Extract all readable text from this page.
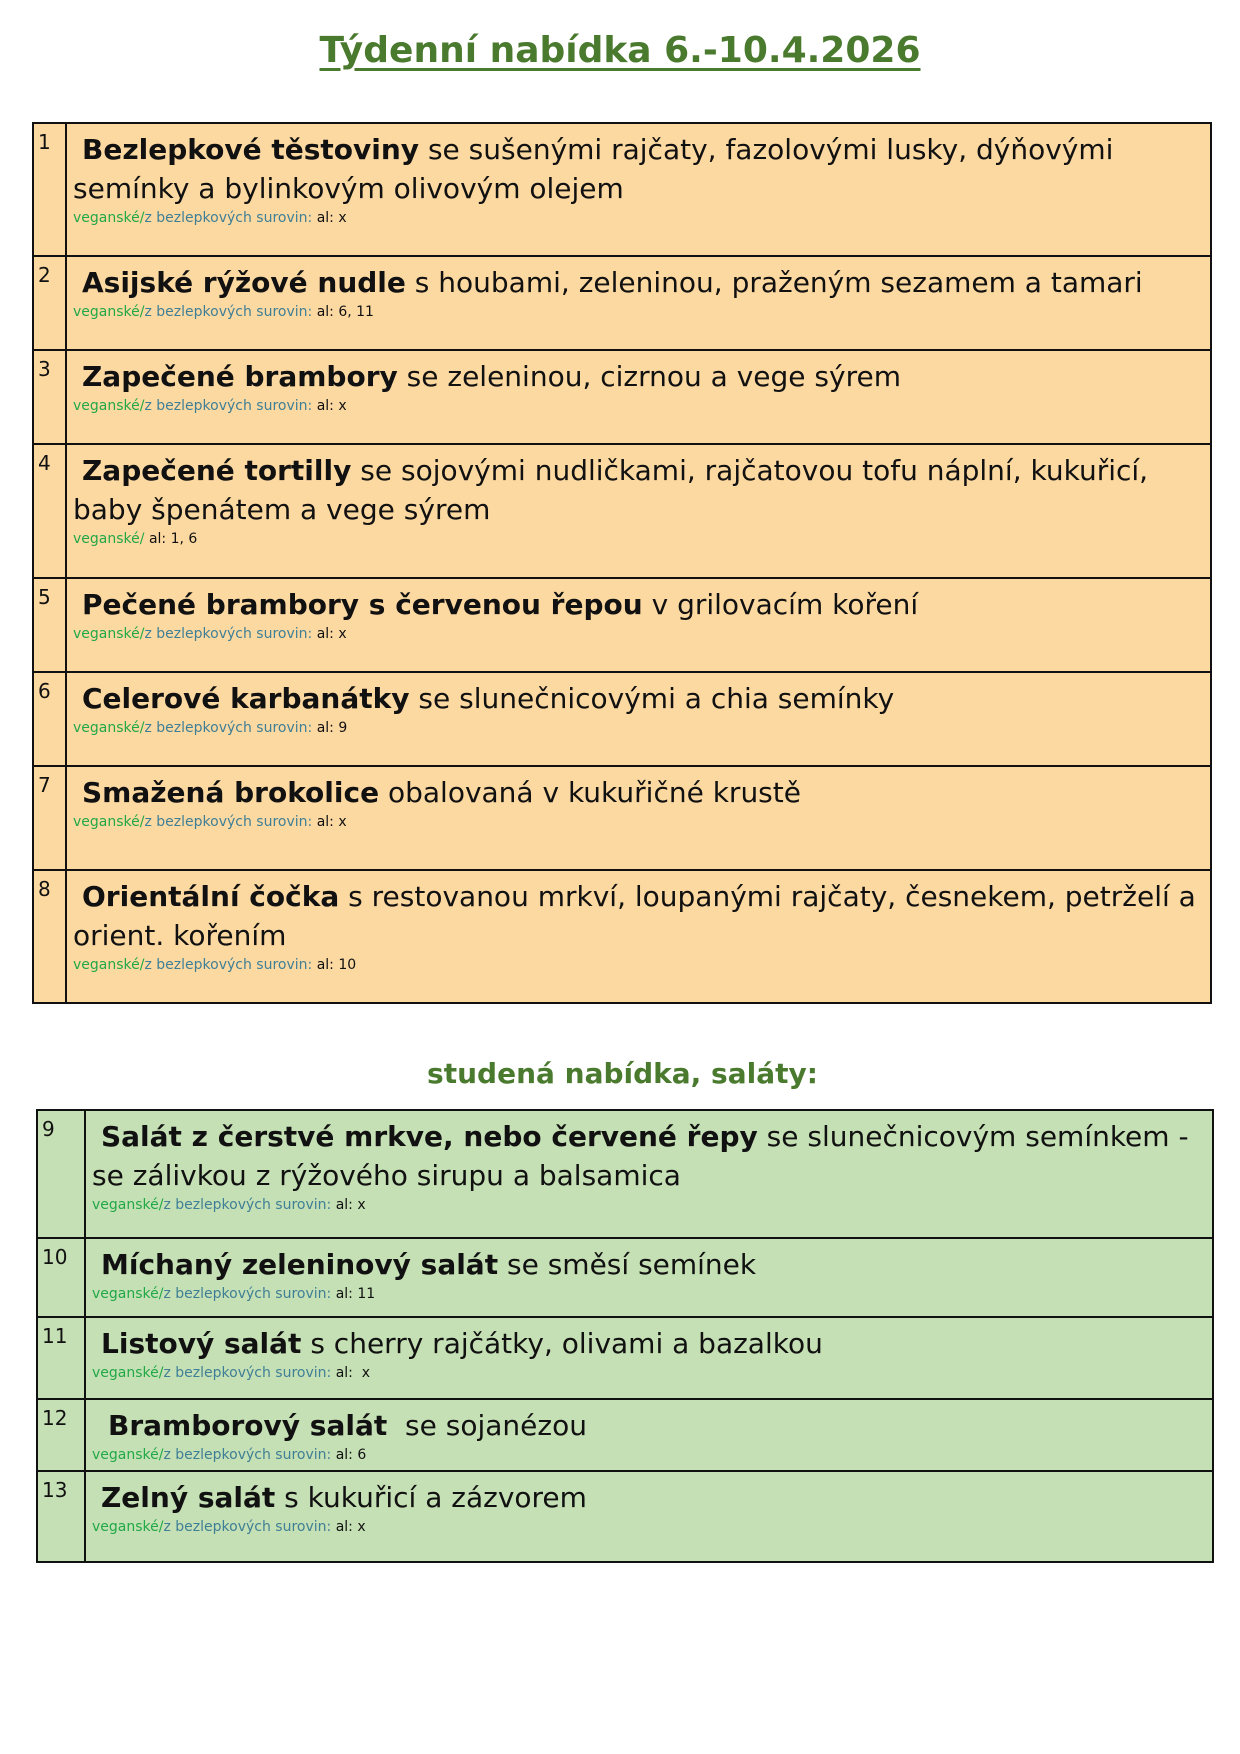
Týdenní nabídka 6.-10.4.2026
1	Bezlepkové těstoviny se sušenými rajčaty, fazolovými lusky, dýňovými semínky a bylinkovým olivovým olejem
veganské/z bezlepkových surovin: al: x

2	Asijské rýžové nudle s houbami, zeleninou, praženým sezamem a tamari
veganské/z bezlepkových surovin: al: 6, 11

3	Zapečené brambory se zeleninou, cizrnou a vege sýrem
veganské/z bezlepkových surovin: al: x

4	Zapečené tortilly se sojovými nudličkami, rajčatovou tofu náplní, kukuřicí, baby špenátem a vege sýrem
veganské/ al: 1, 6

5	Pečené brambory s červenou řepou v grilovacím koření
veganské/z bezlepkových surovin: al: x

6	Celerové karbanátky se slunečnicovými a chia semínky
veganské/z bezlepkových surovin: al: 9

7	Smažená brokolice obalovaná v kukuřičné krustě
veganské/z bezlepkových surovin: al: x

8	Orientální čočka s restovanou mrkví, loupanými rajčaty, česnekem, petrželí a orient. kořením
veganské/z bezlepkových surovin: al: 10
studená nabídka, saláty:
9	Salát z čerstvé mrkve, nebo červené řepy se slunečnicovým semínkem - se zálivkou z rýžového sirupu a balsamica
veganské/z bezlepkových surovin: al: x

10	Míchaný zeleninový salát se směsí semínek
veganské/z bezlepkových surovin: al: 11

11	Listový salát s cherry rajčátky, olivami a bazalkou
veganské/z bezlepkových surovin: al:  x

12	Bramborový salát  se sojanézou
veganské/z bezlepkových surovin: al: 6

13	Zelný salát s kukuřicí a zázvorem
veganské/z bezlepkových surovin: al: x
